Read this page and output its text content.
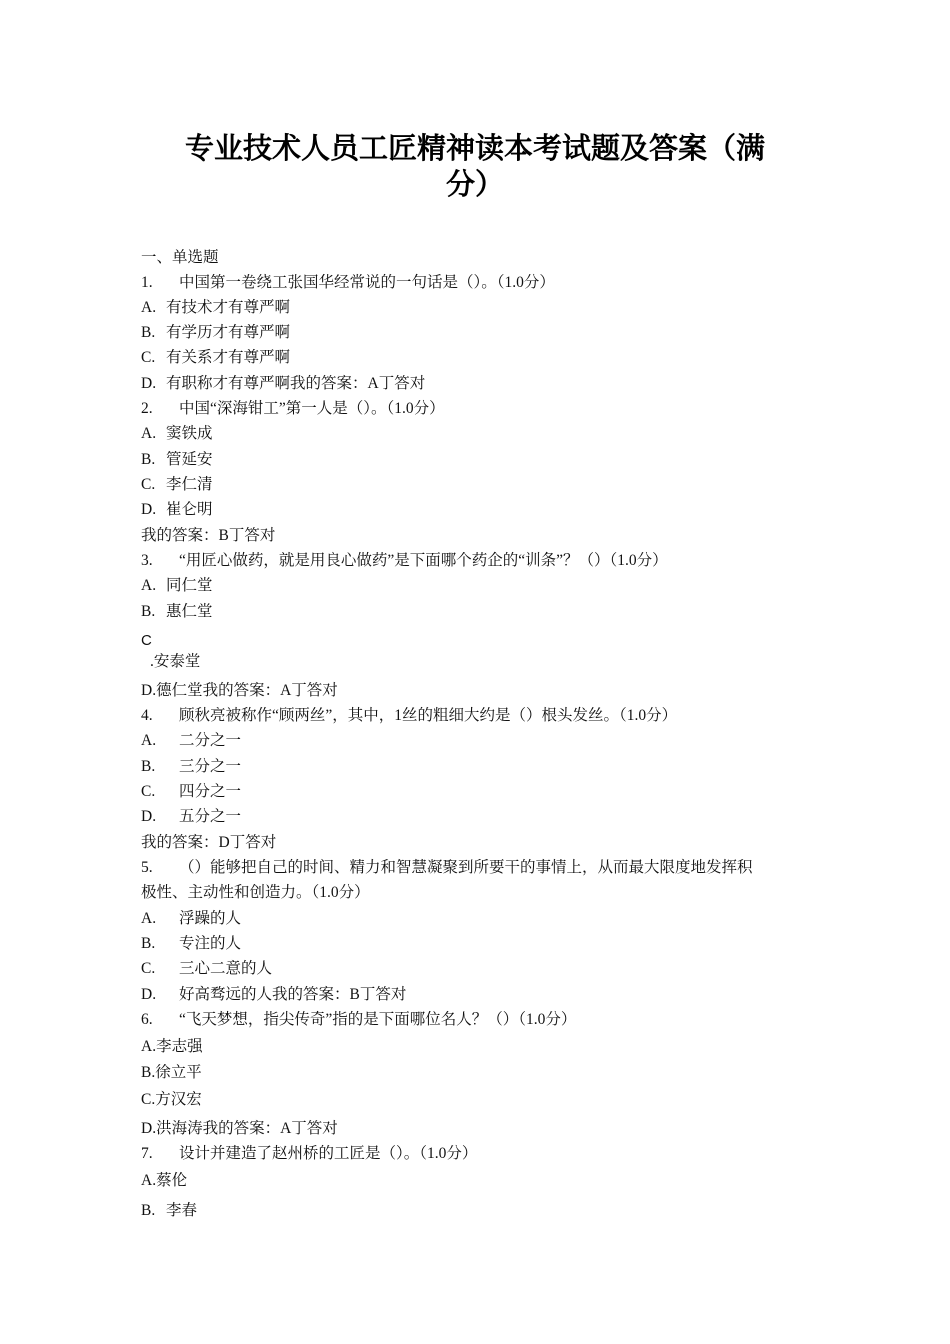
专业技术人员工匠精神读本考试题及答案（满
分）
一、单选题
1. 中国第一卷绕工张国华经常说的一句话是（）。（1.0分）
A. 有技术才有尊严啊
B. 有学历才有尊严啊
C. 有关系才有尊严啊
D. 有职称才有尊严啊我的答案：A丁答对
2. 中国“深海钳工”第一人是（）。（1.0分）
A. 窦铁成
B. 管延安
C. 李仁清
D. 崔仑明
我的答案：B丁答对
3. “用匠心做药，就是用良心做药”是下面哪个药企的“训条”？（）（1.0分）
A. 同仁堂
B. 惠仁堂
C
.安泰堂
D.德仁堂我的答案：A丁答对
4. 顾秋亮被称作“顾两丝”，其中，1丝的粗细大约是（）根头发丝。（1.0分）
A. 二分之一
B. 三分之一
C. 四分之一
D. 五分之一
我的答案：D丁答对
5. （）能够把自己的时间、精力和智慧凝聚到所要干的事情上，从而最大限度地发挥积
极性、主动性和创造力。（1.0分）
A. 浮躁的人
B. 专注的人
C. 三心二意的人
D. 好高骛远的人我的答案：B丁答对
6. “飞天梦想，指尖传奇”指的是下面哪位名人？（）（1.0分）
A.李志强
B.徐立平
C.方汉宏
D.洪海涛我的答案：A丁答对
7. 设计并建造了赵州桥的工匠是（）。（1.0分）
A.蔡伦
B. 李春
